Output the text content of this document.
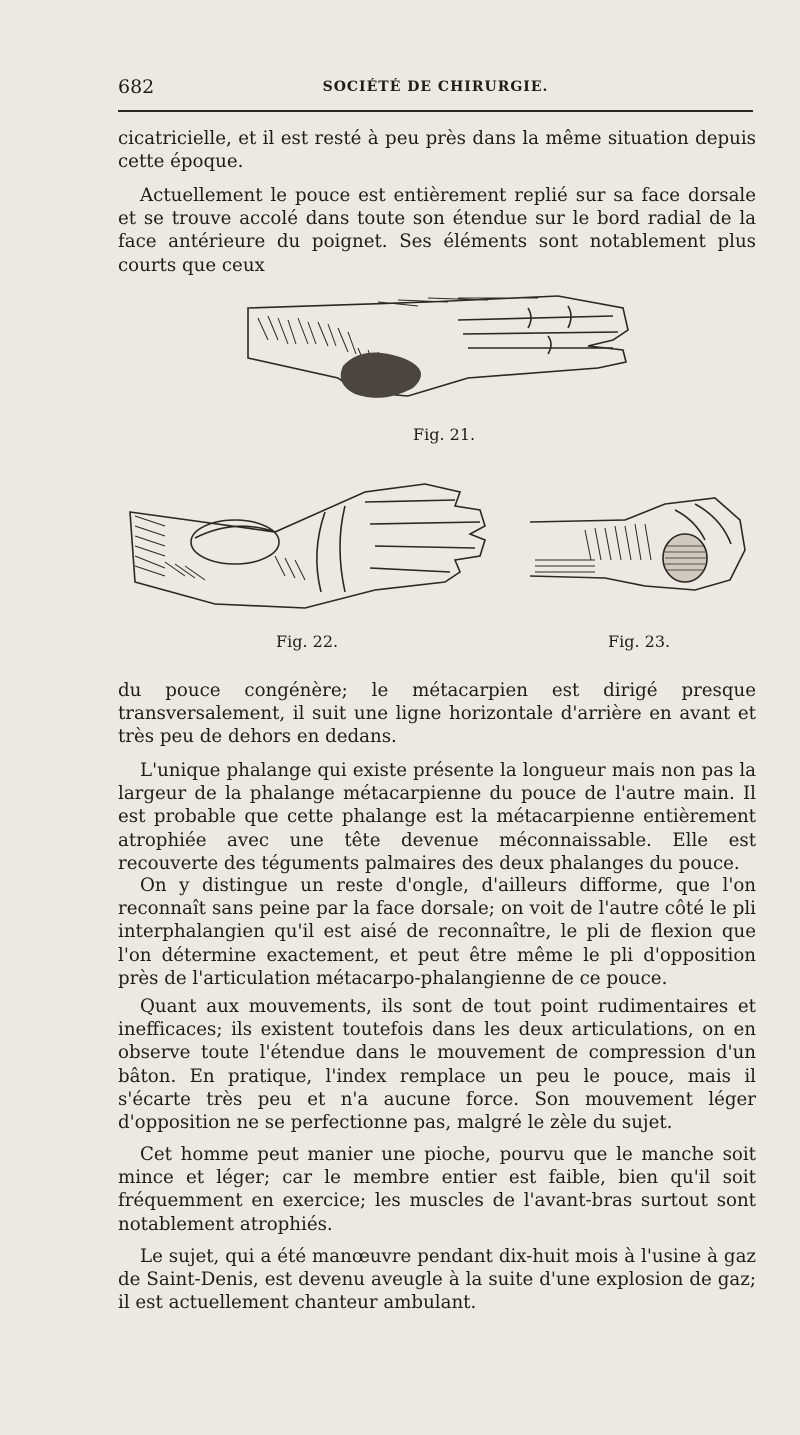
682	SOCIÉTÉ DE CHIRURGIE.

cicatricielle, et il est resté à peu près dans la même situation depuis cette époque.

Actuellement le pouce est entièrement replié sur sa face dorsale et se trouve accolé dans toute son étendue sur le bord radial de la face antérieure du poignet. Ses éléments sont notablement plus courts que ceux

Fig. 21.
Fig. 22.	Fig. 23.

du pouce congénère; le métacarpien est dirigé presque transversalement, il suit une ligne horizontale d'arrière en avant et très peu de dehors en dedans.

L'unique phalange qui existe présente la longueur mais non pas la largeur de la phalange métacarpienne du pouce de l'autre main. Il est probable que cette phalange est la métacarpienne entièrement atrophiée avec une tête devenue méconnaissable. Elle est recouverte des téguments palmaires des deux phalanges du pouce.

On y distingue un reste d'ongle, d'ailleurs difforme, que l'on reconnaît sans peine par la face dorsale; on voit de l'autre côté le pli interphalangien qu'il est aisé de reconnaître, le pli de flexion que l'on détermine exactement, et peut être même le pli d'opposition près de l'articulation métacarpo-phalangienne de ce pouce.

Quant aux mouvements, ils sont de tout point rudimentaires et inefficaces; ils existent toutefois dans les deux articulations, on en observe toute l'étendue dans le mouvement de compression d'un bâton. En pratique, l'index remplace un peu le pouce, mais il s'écarte très peu et n'a aucune force. Son mouvement léger d'opposition ne se perfectionne pas, malgré le zèle du sujet.

Cet homme peut manier une pioche, pourvu que le manche soit mince et léger; car le membre entier est faible, bien qu'il soit fréquemment en exercice; les muscles de l'avant-bras surtout sont notablement atrophiés.

Le sujet, qui a été manœuvre pendant dix-huit mois à l'usine à gaz de Saint-Denis, est devenu aveugle à la suite d'une explosion de gaz; il est actuellement chanteur ambulant.
